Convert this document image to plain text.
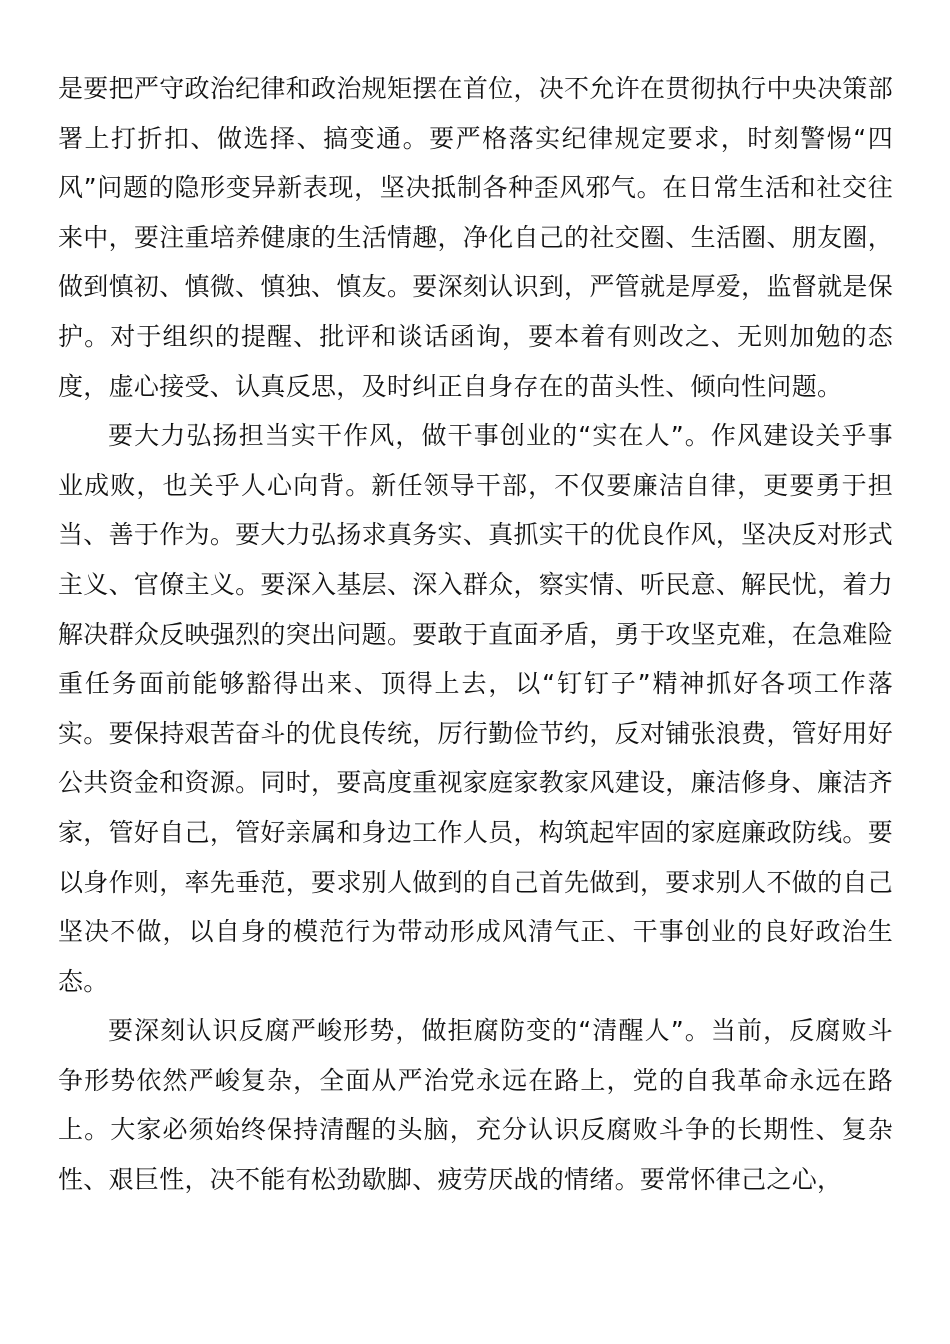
是要把严守政治纪律和政治规矩摆在首位，决不允许在贯彻执行中央决策部署上打折扣、做选择、搞变通。要严格落实纪律规定要求，时刻警惕“四风”问题的隐形变异新表现，坚决抵制各种歪风邪气。在日常生活和社交往来中，要注重培养健康的生活情趣，净化自己的社交圈、生活圈、朋友圈，做到慎初、慎微、慎独、慎友。要深刻认识到，严管就是厚爱，监督就是保护。对于组织的提醒、批评和谈话函询，要本着有则改之、无则加勉的态度，虚心接受、认真反思，及时纠正自身存在的苗头性、倾向性问题。

要大力弘扬担当实干作风，做干事创业的“实在人”。作风建设关乎事业成败，也关乎人心向背。新任领导干部，不仅要廉洁自律，更要勇于担当、善于作为。要大力弘扬求真务实、真抓实干的优良作风，坚决反对形式主义、官僚主义。要深入基层、深入群众，察实情、听民意、解民忧，着力解决群众反映强烈的突出问题。要敢于直面矛盾，勇于攻坚克难，在急难险重任务面前能够豁得出来、顶得上去，以“钉钉子”精神抓好各项工作落实。要保持艰苦奋斗的优良传统，厉行勤俭节约，反对铺张浪费，管好用好公共资金和资源。同时，要高度重视家庭家教家风建设，廉洁修身、廉洁齐家，管好自己，管好亲属和身边工作人员，构筑起牢固的家庭廉政防线。要以身作则，率先垂范，要求别人做到的自己首先做到，要求别人不做的自己坚决不做，以自身的模范行为带动形成风清气正、干事创业的良好政治生态。

要深刻认识反腐严峻形势，做拒腐防变的“清醒人”。当前，反腐败斗争形势依然严峻复杂，全面从严治党永远在路上，党的自我革命永远在路上。大家必须始终保持清醒的头脑，充分认识反腐败斗争的长期性、复杂性、艰巨性，决不能有松劲歇脚、疲劳厌战的情绪。要常怀律己之心，
